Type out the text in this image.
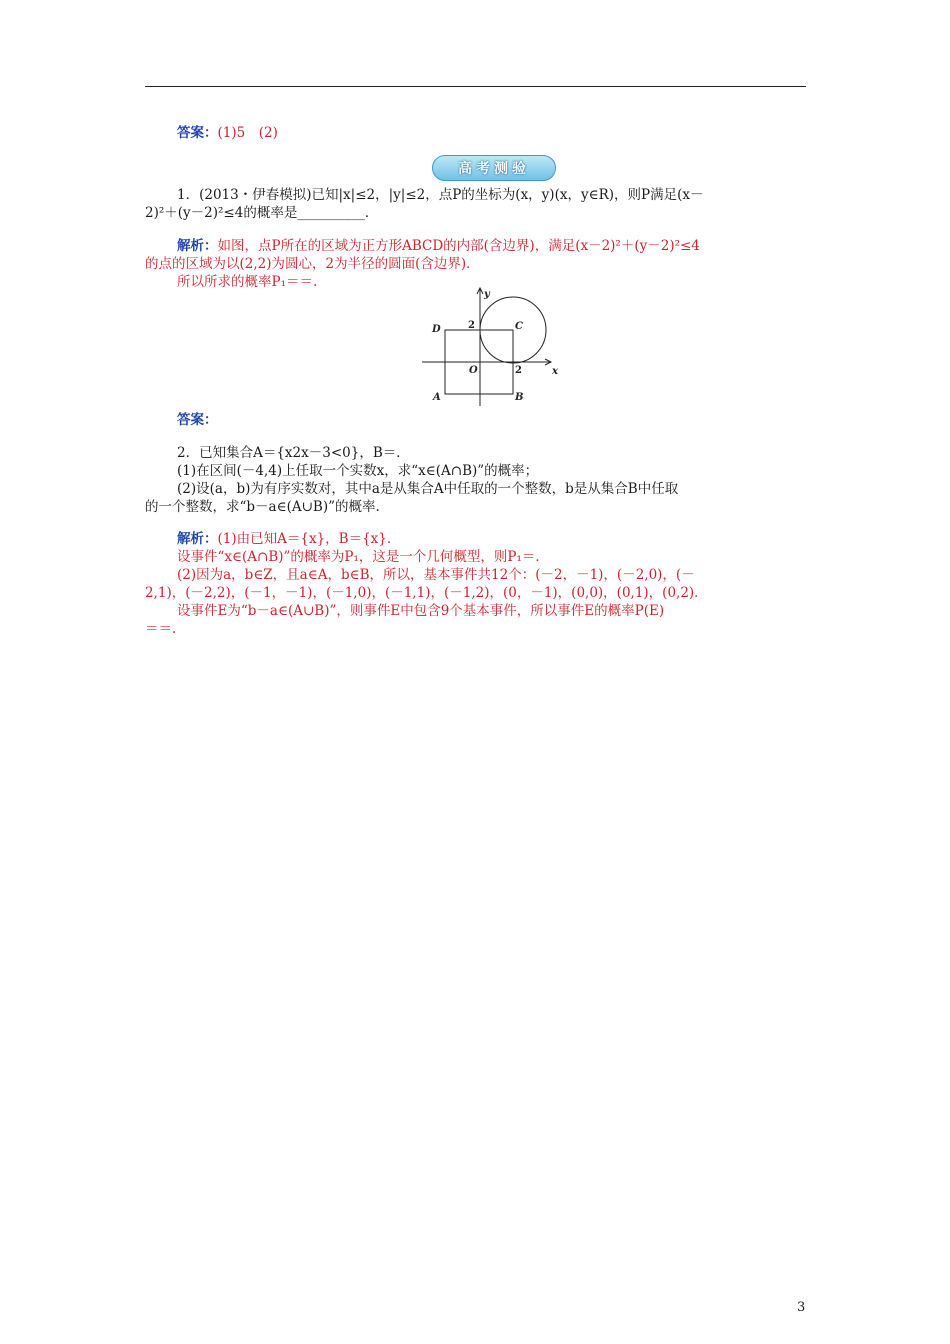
答案：(1)5　(2)
高考测验
1．(2013・伊春模拟)已知|x|≤2，|y|≤2，点P的坐标为(x，y)(x，y∈R)，则P满足(x－
2)²＋(y－2)²≤4的概率是__________．
解析：如图，点P所在的区域为正方形ABCD的内部(含边界)，满足(x－2)²＋(y－2)²≤4
的点的区域为以(2,2)为圆心，2为半径的圆面(含边界)．
所以所求的概率P₁＝＝.
y
x
O
D	C
A	B
2
2
答案：
2．已知集合A＝{x2x－3<0}，B＝．
(1)在区间(－4,4)上任取一个实数x，求“x∈(A∩B)”的概率；
(2)设(a，b)为有序实数对，其中a是从集合A中任取的一个整数，b是从集合B中任取
的一个整数，求“b－a∈(A∪B)”的概率.
解析：(1)由已知A＝{x}，B＝{x}．
设事件“x∈(A∩B)”的概率为P₁，这是一个几何概型，则P₁＝．
(2)因为a，b∈Z，且a∈A，b∈B，所以，基本事件共12个：(－2，－1)，(－2,0)，(－
2,1)，(－2,2)，(－1，－1)，(－1,0)，(－1,1)，(－1,2)，(0，－1)，(0,0)，(0,1)，(0,2)．
设事件E为“b－a∈(A∪B)”，则事件E中包含9个基本事件，所以事件E的概率P(E)
＝＝.
3
